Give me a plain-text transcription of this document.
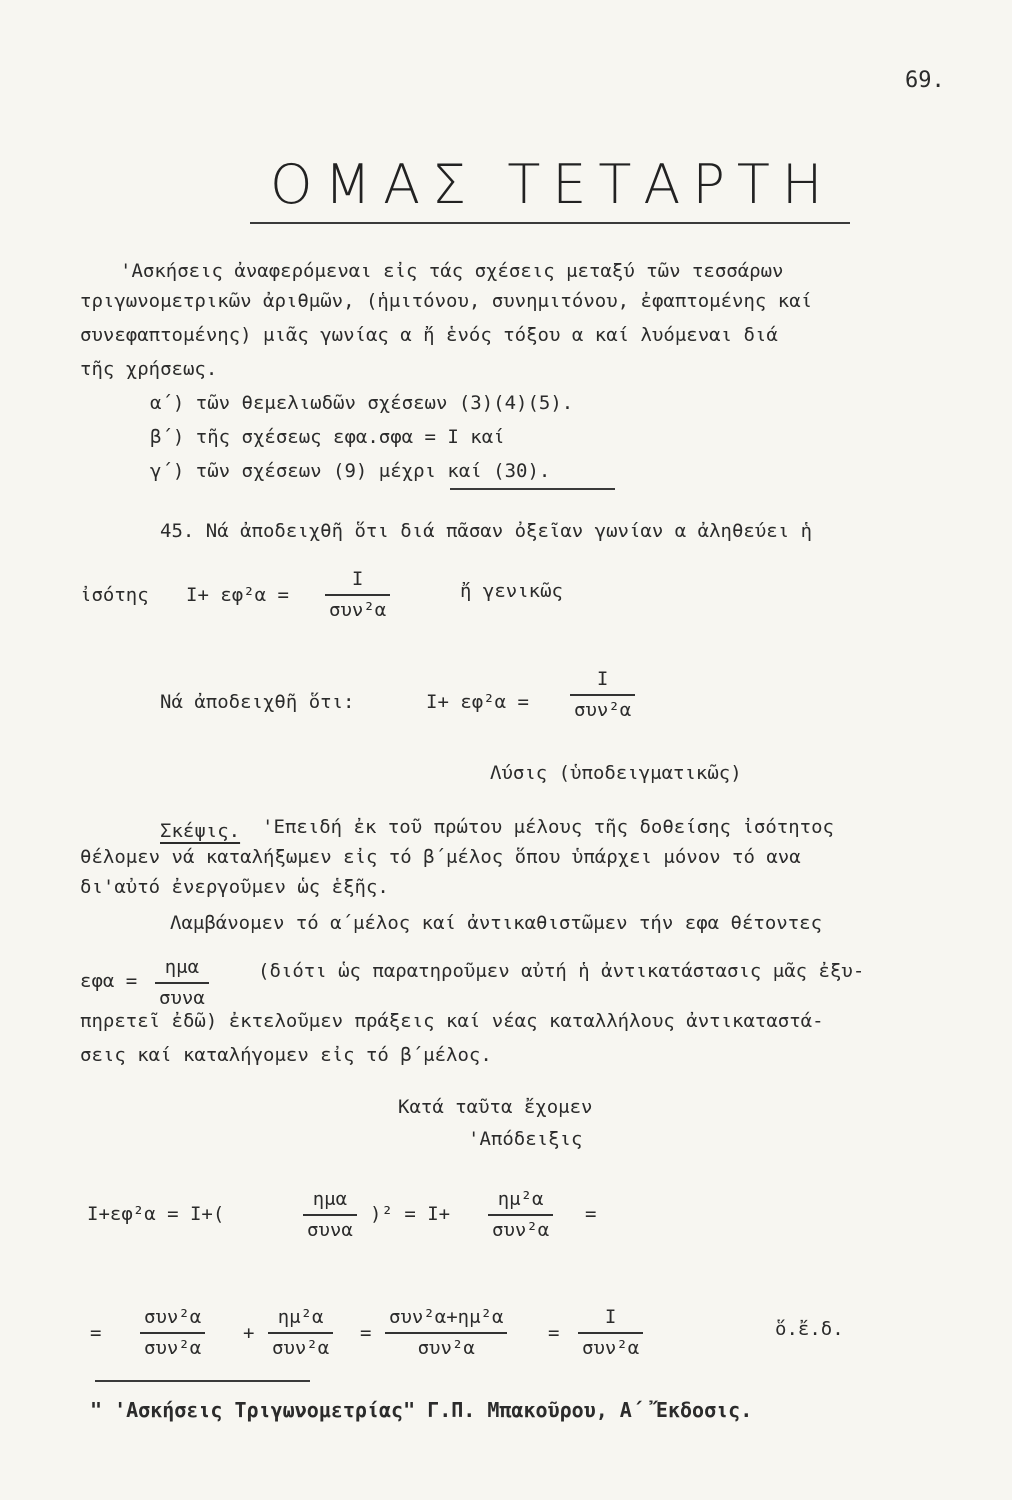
69.
ΟΜΑΣ ΤΕΤΑΡΤΗ
'Ασκήσεις ἀναφερόμεναι εἰς τάς σχέσεις μεταξύ τῶν τεσσάρων
τριγωνομετρικῶν ἀριθμῶν, (ἡμιτόνου, συνημιτόνου, ἐφαπτομένης καί
συνεφαπτομένης) μιᾶς γωνίας α ἤ ἑνός τόξου α καί λυόμεναι διά
τῆς χρήσεως.
α΄) τῶν θεμελιωδῶν σχέσεων (3)(4)(5).
β΄) τῆς σχέσεως εφα.σφα = I καί
γ΄) τῶν σχέσεων (9) μέχρι καί (30).
45. Νά ἀποδειχθῆ ὅτι διά πᾶσαν ὀξεῖαν γωνίαν α ἀληθεύει ἡ
ἰσότης I+ εφ²α =
I
συν²α
ἤ γενικῶς
Νά ἀποδειχθῆ ὅτι:	I+ εφ²α =
I
συν²α
Λύσις (ὑποδειγματικῶς)
Σκέψις. 'Επειδή ἐκ τοῦ πρώτου μέλους τῆς δοθείσης ἰσότητος
θέλομεν νά καταλήξωμεν εἰς τό β΄μέλος ὅπου ὑπάρχει μόνον τό ανα
δι'αὐτό ἐνεργοῦμεν ὡς ἑξῆς.
Λαμβάνομεν τό α΄μέλος καί ἀντικαθιστῶμεν τήν εφα θέτοντες
εφα =
ημα
συνα
(διότι ὡς παρατηροῦμεν αὐτή ἡ ἀντικατάστασις μᾶς ἐξυ-
πηρετεῖ ἐδῶ) ἐκτελοῦμεν πράξεις καί νέας καταλλήλους ἀντικαταστά-
σεις καί καταλήγομεν εἰς τό β΄μέλος.
Κατά ταῦτα ἔχομεν
'Απόδειξις
I+εφ²α = I+(
ημα
συνα
)² = I+
ημ²α
συν²α
=
=
συν²α
συν²α
+
ημ²α
συν²α
=
συν²α+ημ²α
συν²α
=
I
συν²α
ὅ.ἔ.δ.
" 'Ασκήσεις Τριγωνομετρίας" Γ.Π. Μπακοῦρου, Α΄ Ἔκδοσις.
